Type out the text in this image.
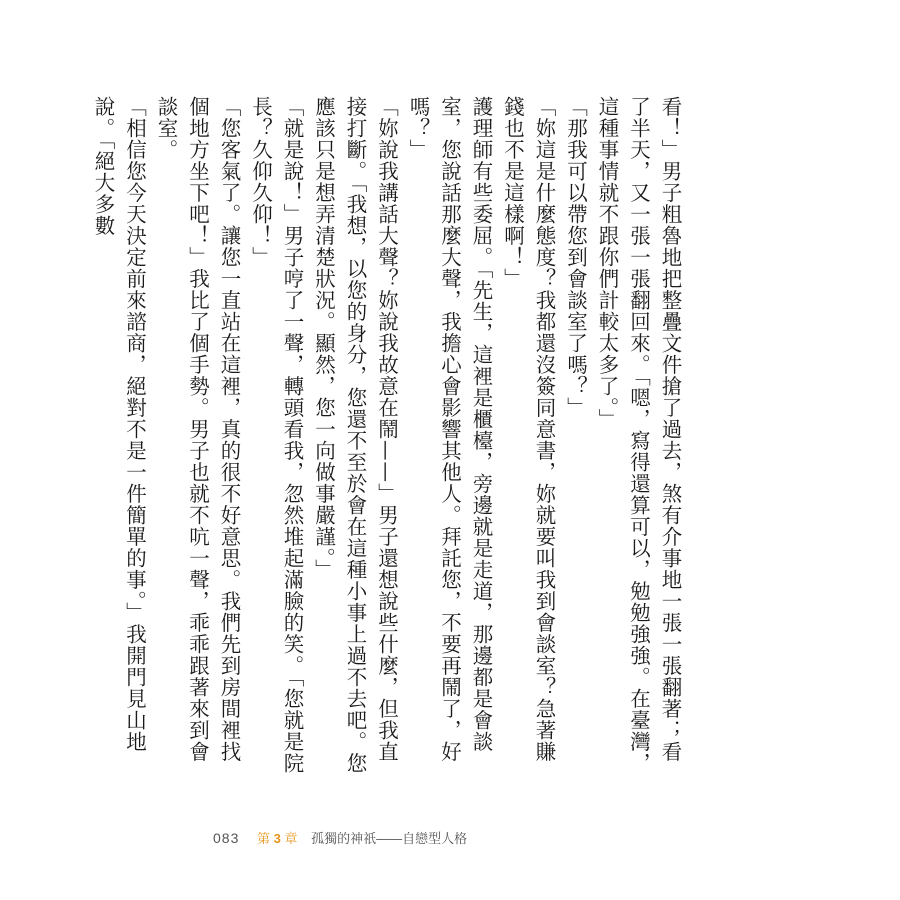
看！」男子粗魯地把整疊文件搶了過去，煞有介事地一張一張翻著；看了半天，又一張一張翻回來。「嗯，寫得還算可以，勉勉強強。在臺灣，這種事情就不跟你們計較太多了。」

「那我可以帶您到會談室了嗎？」

「妳這是什麼態度？我都還沒簽同意書，妳就要叫我到會談室？急著賺錢也不是這樣啊！」

護理師有些委屈。「先生，這裡是櫃檯，旁邊就是走道，那邊都是會談室，您說話那麼大聲，我擔心會影響其他人。拜託您，不要再鬧了，好嗎？」

「妳說我講話大聲？妳說我故意在鬧——」男子還想說些什麼，但我直接打斷。「我想，以您的身分，您還不至於會在這種小事上過不去吧。您應該只是想弄清楚狀況。顯然，您一向做事嚴謹。」

「就是說！」男子哼了一聲，轉頭看我，忽然堆起滿臉的笑。「您就是院長？久仰久仰！」

「您客氣了。讓您一直站在這裡，真的很不好意思。我們先到房間裡找個地方坐下吧！」我比了個手勢。男子也就不吭一聲，乖乖跟著來到會談室。

「相信您今天決定前來諮商，絕對不是一件簡單的事。」我開門見山地說。「絕大多數

083 第 3 章 孤獨的神祇——自戀型人格
